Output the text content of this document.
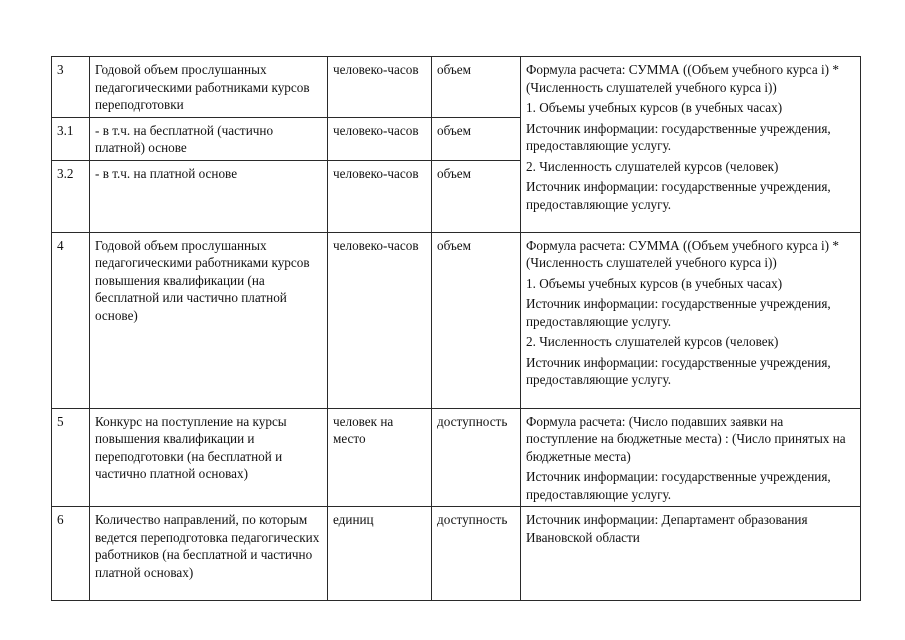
3	Годовой объем прослушанных педагогическими работниками курсов переподготовки	человеко-часов	объем	Формула расчета: СУММА ((Объем учебного курса i) * (Численность слушателей учебного курса i))
1. Объемы учебных курсов (в учебных часах)
Источник информации: государственные учреждения, предоставляющие услугу.
2. Численность слушателей курсов (человек)
Источник информации: государственные учреждения, предоставляющие услугу.

3.1	- в т.ч. на бесплатной (частично платной) основе	человеко-часов	объем	
3.2	- в т.ч. на платной основе	человеко-часов	объем	
4	Годовой объем прослушанных педагогическими работниками курсов повышения квалификации (на бесплатной или частично платной основе)	человеко-часов	объем	Формула расчета: СУММА ((Объем учебного курса i) * (Численность слушателей учебного курса i))
1. Объемы учебных курсов (в учебных часах)
Источник информации: государственные учреждения, предоставляющие услугу.
2. Численность слушателей курсов (человек)
Источник информации: государственные учреждения, предоставляющие услугу.

5	Конкурс на поступление на курсы повышения квалификации и переподготовки (на бесплатной и частично платной основах)	человек на место	доступность	Формула расчета: (Число подавших заявки на поступление на бюджетные места) : (Число принятых на бюджетные места)
Источник информации: государственные учреждения, предоставляющие услугу.

6	Количество направлений, по которым ведется переподготовка педагогических работников (на бесплатной и частично платной основах)	единиц	доступность	Источник информации: Департамент образования Ивановской области
